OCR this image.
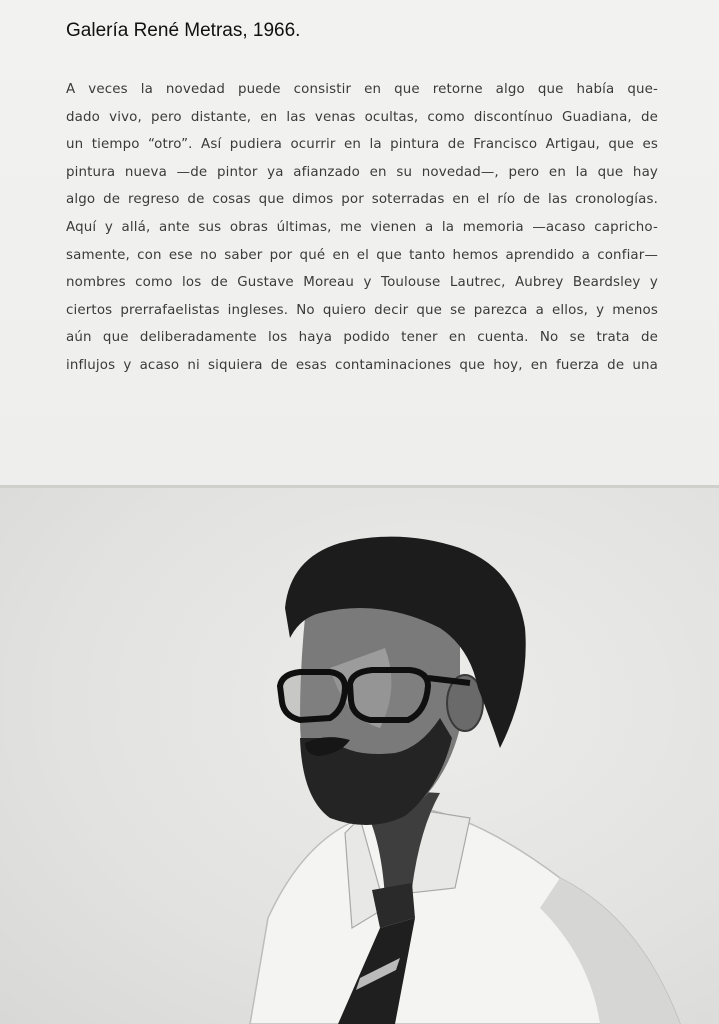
Galería René Metras, 1966.
A veces la novedad puede consistir en que retorne algo que había que-
dado vivo, pero distante, en las venas ocultas, como discontínuo Guadiana, de
un tiempo “otro”. Así pudiera ocurrir en la pintura de Francisco Artigau, que es
pintura nueva —de pintor ya afianzado en su novedad—, pero en la que hay
algo de regreso de cosas que dimos por soterradas en el río de las cronologías.
Aquí y allá, ante sus obras últimas, me vienen a la memoria —acaso capricho-
samente, con ese no saber por qué en el que tanto hemos aprendido a confiar—
nombres como los de Gustave Moreau y Toulouse Lautrec, Aubrey Beardsley y
ciertos prerrafaelistas ingleses. No quiero decir que se parezca a ellos, y menos
aún que deliberadamente los haya podido tener en cuenta. No se trata de
influjos y acaso ni siquiera de esas contaminaciones que hoy, en fuerza de una
